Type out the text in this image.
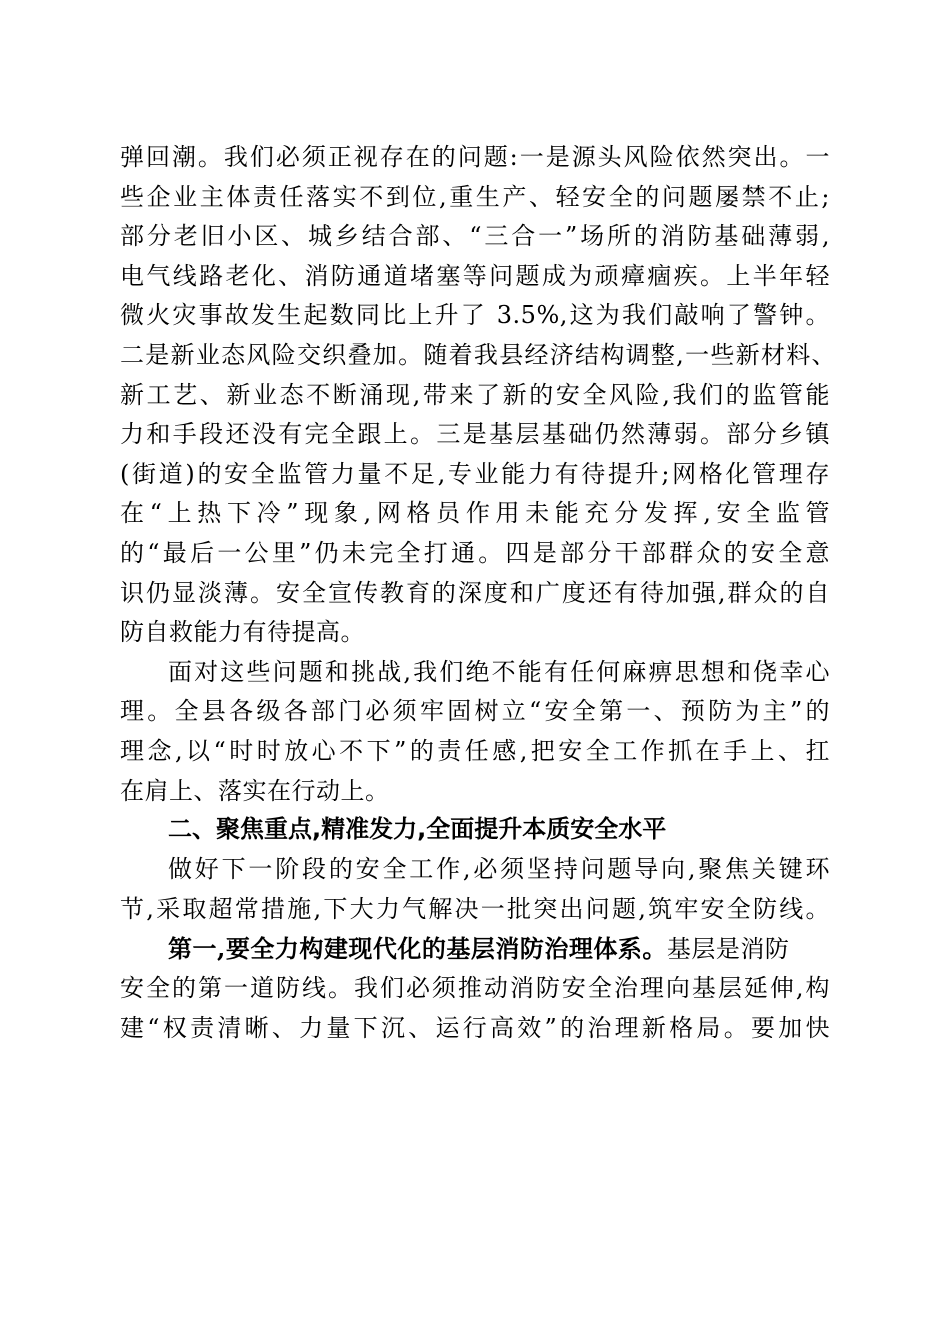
弹回潮。我们必须正视存在的问题:一是源头风险依然突出。一
些企业主体责任落实不到位,重生产、轻安全的问题屡禁不止;
部分老旧小区、城乡结合部、“三合一”场所的消防基础薄弱,
电气线路老化、消防通道堵塞等问题成为顽瘴痼疾。上半年轻
微火灾事故发生起数同比上升了 3.5%,这为我们敲响了警钟。
二是新业态风险交织叠加。随着我县经济结构调整,一些新材料、
新工艺、新业态不断涌现,带来了新的安全风险,我们的监管能
力和手段还没有完全跟上。三是基层基础仍然薄弱。部分乡镇
(街道)的安全监管力量不足,专业能力有待提升;网格化管理存
在“上热下冷”现象,网格员作用未能充分发挥,安全监管
的“最后一公里”仍未完全打通。四是部分干部群众的安全意
识仍显淡薄。安全宣传教育的深度和广度还有待加强,群众的自
防自救能力有待提高。
面对这些问题和挑战,我们绝不能有任何麻痹思想和侥幸心
理。全县各级各部门必须牢固树立“安全第一、预防为主”的
理念,以“时时放心不下”的责任感,把安全工作抓在手上、扛
在肩上、落实在行动上。
二、聚焦重点,精准发力,全面提升本质安全水平
做好下一阶段的安全工作,必须坚持问题导向,聚焦关键环
节,采取超常措施,下大力气解决一批突出问题,筑牢安全防线。
第一,要全力构建现代化的基层消防治理体系。基层是消防
安全的第一道防线。我们必须推动消防安全治理向基层延伸,构
建“权责清晰、力量下沉、运行高效”的治理新格局。要加快
